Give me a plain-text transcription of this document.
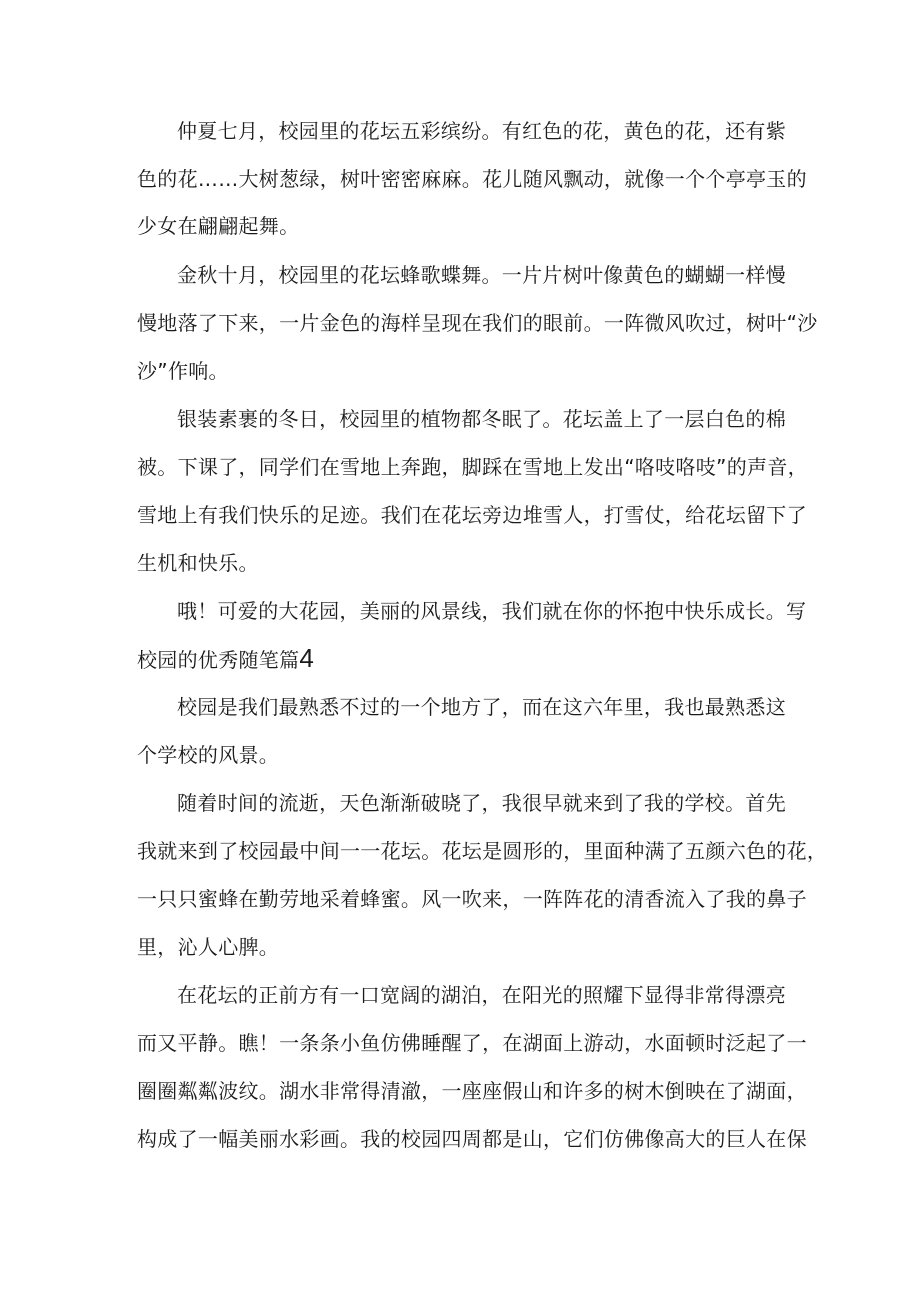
仲夏七月，校园里的花坛五彩缤纷。有红色的花，黄色的花，还有紫
色的花……大树葱绿，树叶密密麻麻。花儿随风飘动，就像一个个亭亭玉的
少女在翩翩起舞。
金秋十月，校园里的花坛蜂歌蝶舞。一片片树叶像黄色的蝴蝴一样慢
慢地落了下来，一片金色的海样呈现在我们的眼前。一阵微风吹过，树叶“沙
沙”作响。
银装素裹的冬日，校园里的植物都冬眠了。花坛盖上了一层白色的棉
被。下课了，同学们在雪地上奔跑，脚踩在雪地上发出“咯吱咯吱”的声音，
雪地上有我们快乐的足迹。我们在花坛旁边堆雪人，打雪仗，给花坛留下了
生机和快乐。
哦！可爱的大花园，美丽的风景线，我们就在你的怀抱中快乐成长。写
校园的优秀随笔篇4
校园是我们最熟悉不过的一个地方了，而在这六年里，我也最熟悉这
个学校的风景。
随着时间的流逝，天色渐渐破晓了，我很早就来到了我的学校。首先
我就来到了校园最中间一一花坛。花坛是圆形的，里面种满了五颜六色的花，
一只只蜜蜂在勤劳地采着蜂蜜。风一吹来，一阵阵花的清香流入了我的鼻子
里，沁人心脾。
在花坛的正前方有一口宽阔的湖泊，在阳光的照耀下显得非常得漂亮
而又平静。瞧！一条条小鱼仿佛睡醒了，在湖面上游动，水面顿时泛起了一
圈圈粼粼波纹。湖水非常得清澈，一座座假山和许多的树木倒映在了湖面，
构成了一幅美丽水彩画。我的校园四周都是山，它们仿佛像高大的巨人在保
